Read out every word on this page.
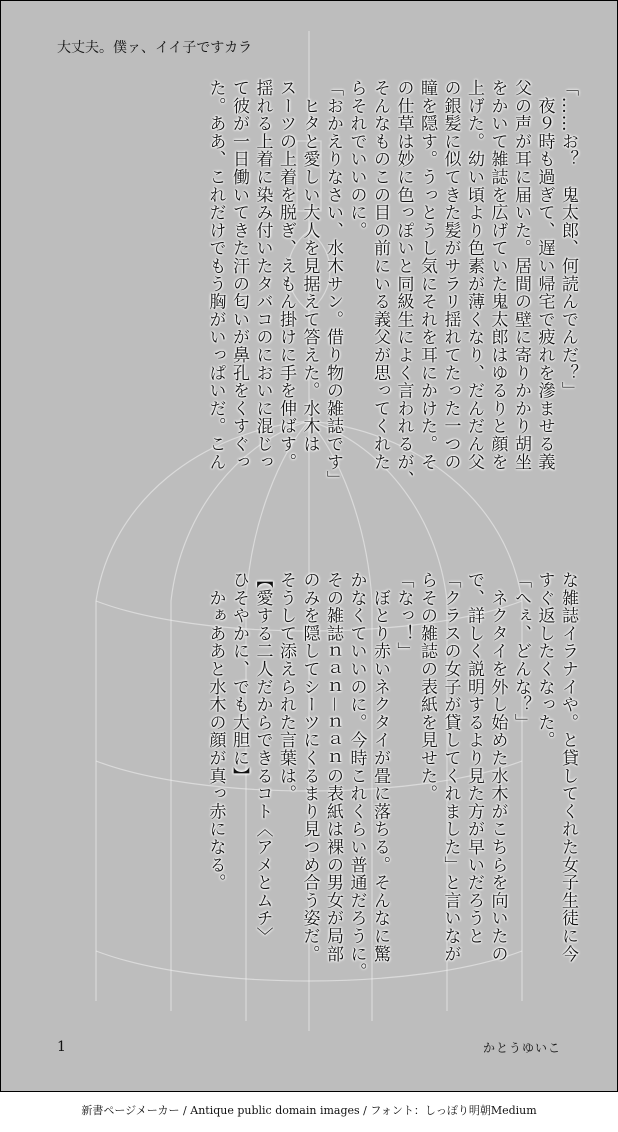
大丈夫。僕ァ、イイ子ですカラ
「……お？　鬼太郎、何読んでんだ？」
　夜９時も過ぎて、遅い帰宅で疲れを滲ませる義
父の声が耳に届いた。居間の壁に寄りかかり胡坐
をかいて雑誌を広げていた鬼太郎はゆるりと顔を
上げた。幼い頃より色素が薄くなり、だんだん父
の銀髪に似てきた髪がサラリ揺れてたった一つの
瞳を隠す。うっとうし気にそれを耳にかけた。そ
の仕草は妙に色っぽいと同級生によく言われるが、
そんなものこの目の前にいる義父が思ってくれた
らそれでいいのに。
「おかえりなさい、水木サン。借り物の雑誌です」
　ヒタと愛しい大人を見据えて答えた。水木は
スーツの上着を脱ぎ、えもん掛けに手を伸ばす。
揺れる上着に染み付いたタバコのにおいに混じっ
て彼が一日働いてきた汗の匂いが鼻孔をくすぐっ
た。ああ、これだけでもう胸がいっぱいだ。こん
な雑誌イラナイや。と貸してくれた女子生徒に今
すぐ返したくなった。
「へぇ、どんな？」
　ネクタイを外し始めた水木がこちらを向いたの
で、詳しく説明するより見た方が早いだろうと
「クラスの女子が貸してくれました」と言いなが
らその雑誌の表紙を見せた。
「なっ！」
　ぼとり赤いネクタイが畳に落ちる。そんなに驚
かなくていいのに。今時これくらい普通だろうに。
その雑誌ｎａｎ－ｎａｎの表紙は裸の男女が局部
のみを隠してシーツにくるまり見つめ合う姿だ。
そうして添えられた言葉は。
【愛する二人だからできるコト〈アメとムチ〉
ひそやかに、でも大胆に】
　かぁああと水木の顔が真っ赤になる。
1	かとうゆいこ
新書ページメーカー / Antique public domain images / フォント：しっぽり明朝Medium
